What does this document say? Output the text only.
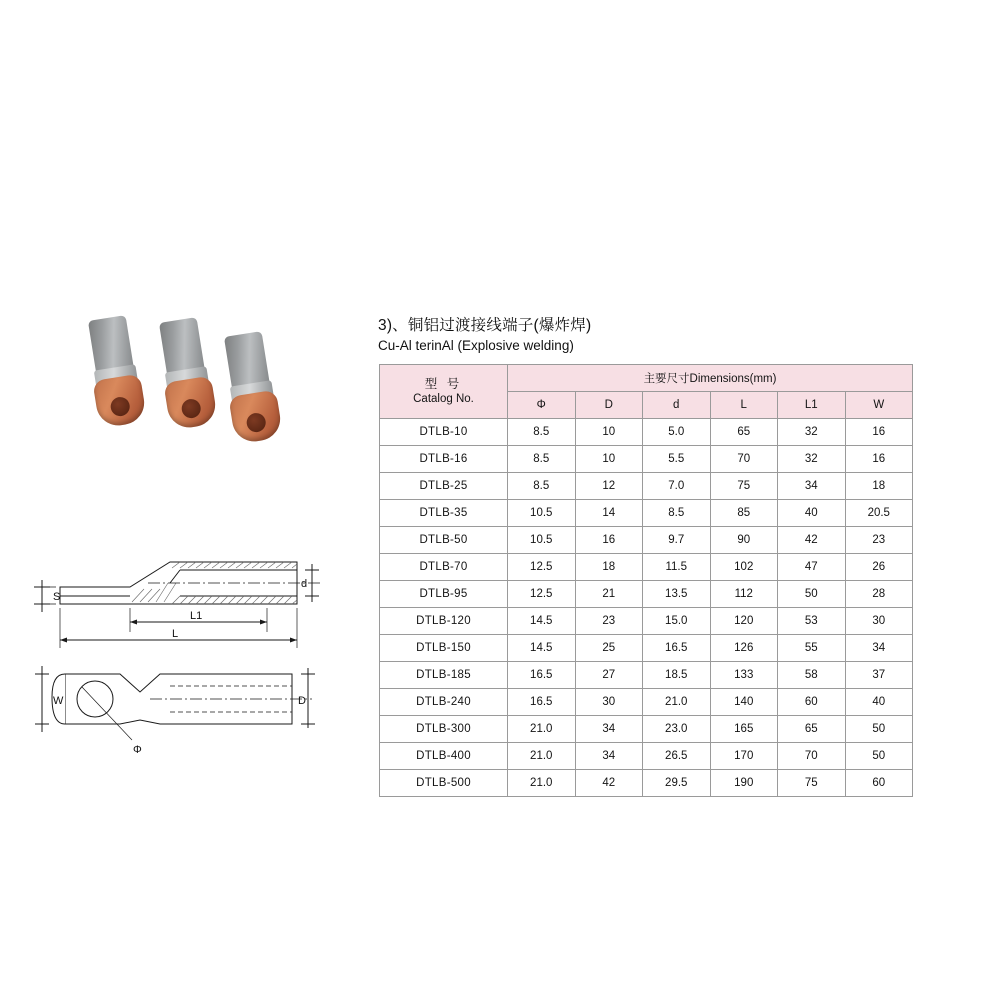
S
d
L1
L
W	D
Φ
3)、铜铝过渡接线端子(爆炸焊)
Cu-Al terinAl (Explosive welding)
型 号
Catalog No.	主要尺寸Dimensions(mm)					
	Φ	D	d	L	L1	W
DTLB-10	8.5	10	5.0	65	32	16
DTLB-16	8.5	10	5.5	70	32	16
DTLB-25	8.5	12	7.0	75	34	18
DTLB-35	10.5	14	8.5	85	40	20.5
DTLB-50	10.5	16	9.7	90	42	23
DTLB-70	12.5	18	11.5	102	47	26
DTLB-95	12.5	21	13.5	112	50	28
DTLB-120	14.5	23	15.0	120	53	30
DTLB-150	14.5	25	16.5	126	55	34
DTLB-185	16.5	27	18.5	133	58	37
DTLB-240	16.5	30	21.0	140	60	40
DTLB-300	21.0	34	23.0	165	65	50
DTLB-400	21.0	34	26.5	170	70	50
DTLB-500	21.0	42	29.5	190	75	60
